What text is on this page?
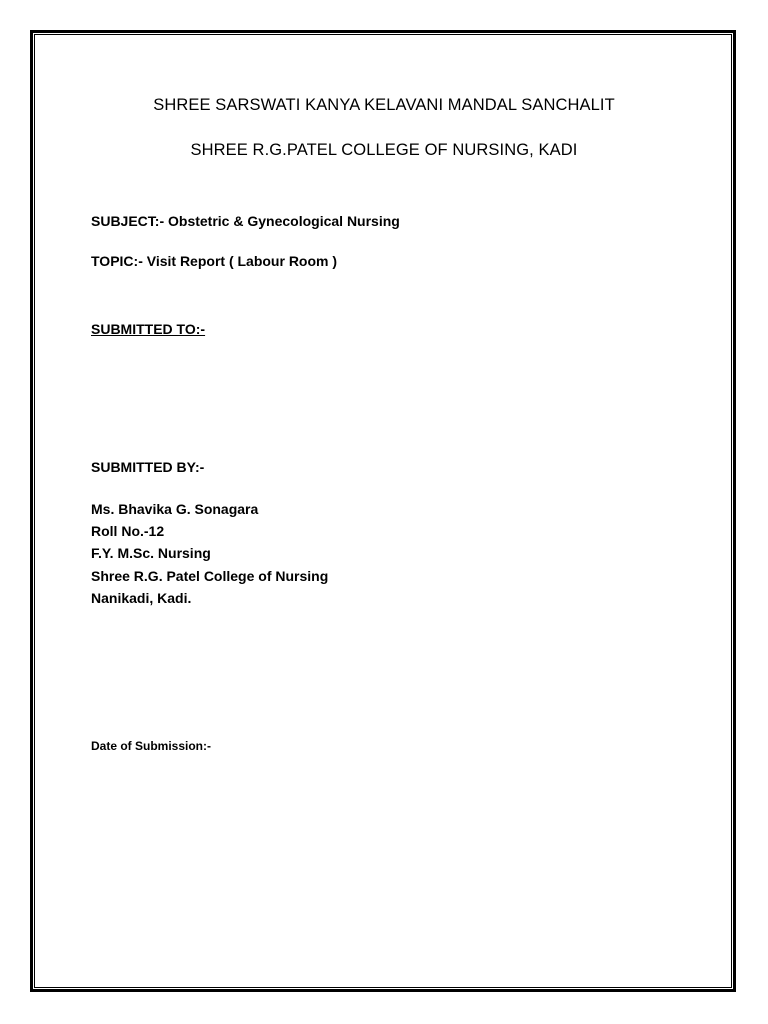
SHREE SARSWATI KANYA KELAVANI MANDAL SANCHALIT
SHREE R.G.PATEL COLLEGE OF NURSING, KADI
SUBJECT:- Obstetric & Gynecological Nursing
TOPIC:- Visit Report ( Labour Room )
SUBMITTED TO:-
SUBMITTED BY:-
Ms. Bhavika G. Sonagara
Roll No.-12
F.Y. M.Sc. Nursing
Shree R.G. Patel College of Nursing
Nanikadi, Kadi.
Date of Submission:-
